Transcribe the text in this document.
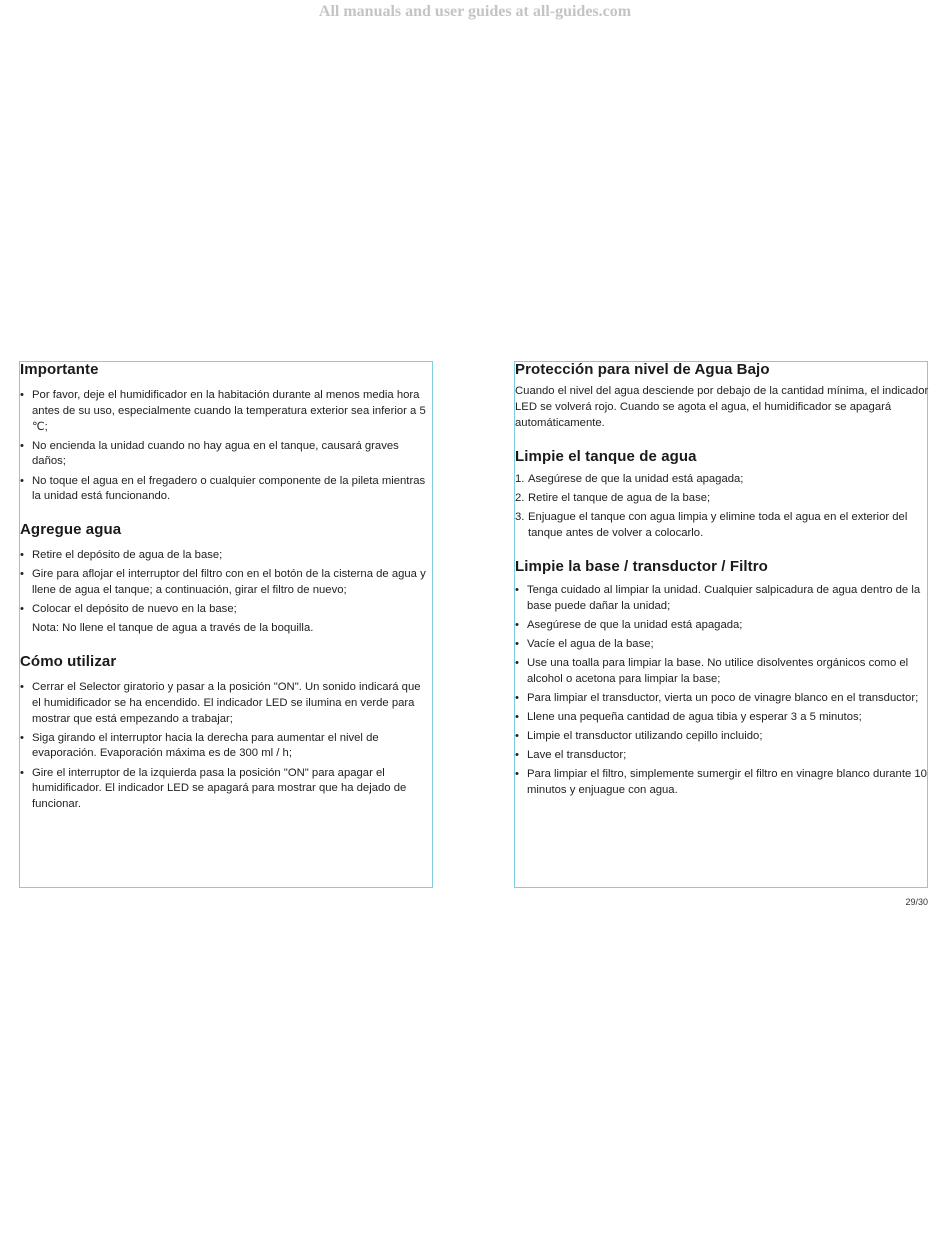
All manuals and user guides at all-guides.com
Importante
• Por favor, deje el humidificador en la habitación durante al menos media hora antes de su uso, especialmente cuando la temperatura exterior sea inferior a 5 ℃;
• No encienda la unidad cuando no hay agua en el tanque, causará graves daños;
• No toque el agua en el fregadero o cualquier componente de la pileta mientras la unidad está funcionando.
Agregue agua
• Retire el depósito de agua de la base;
• Gire para aflojar el interruptor del filtro con en el botón de la cisterna de agua y llene de agua el tanque; a continuación, girar el filtro de nuevo;
• Colocar el depósito de nuevo en la base;
Nota: No llene el tanque de agua a través de la boquilla.
Cómo utilizar
• Cerrar el Selector giratorio y pasar a la posición "ON". Un sonido indicará que el humidificador se ha encendido. El indicador LED se ilumina en verde para mostrar que está empezando a trabajar;
• Siga girando el interruptor hacia la derecha para aumentar el nivel de evaporación. Evaporación máxima es de 300 ml / h;
• Gire el interruptor de la izquierda pasa la posición "ON" para apagar el humidificador. El indicador LED se apagará para mostrar que ha dejado de funcionar.
Protección para nivel de Agua Bajo

Cuando el nivel del agua desciende por debajo de la cantidad mínima, el indicador LED se volverá rojo. Cuando se agota el agua, el humidificador se apagará automáticamente.

Limpie el tanque de agua
1. Asegúrese de que la unidad está apagada;
2. Retire el tanque de agua de la base;
3. Enjuague el tanque con agua limpia y elimine toda el agua en el exterior del tanque antes de volver a colocarlo.
Limpie la base / transductor / Filtro
• Tenga cuidado al limpiar la unidad. Cualquier salpicadura de agua dentro de la base puede dañar la unidad;
• Asegúrese de que la unidad está apagada;
• Vacíe el agua de la base;
• Use una toalla para limpiar la base. No utilice disolventes orgánicos como el alcohol o acetona para limpiar la base;
• Para limpiar el transductor, vierta un poco de vinagre blanco en el transductor;
• Llene una pequeña cantidad de agua tibia y esperar 3 a 5 minutos;
• Limpie el transductor utilizando cepillo incluido;
• Lave el transductor;
• Para limpiar el filtro, simplemente sumergir el filtro en vinagre blanco durante 10 minutos y enjuague con agua.
29/30
